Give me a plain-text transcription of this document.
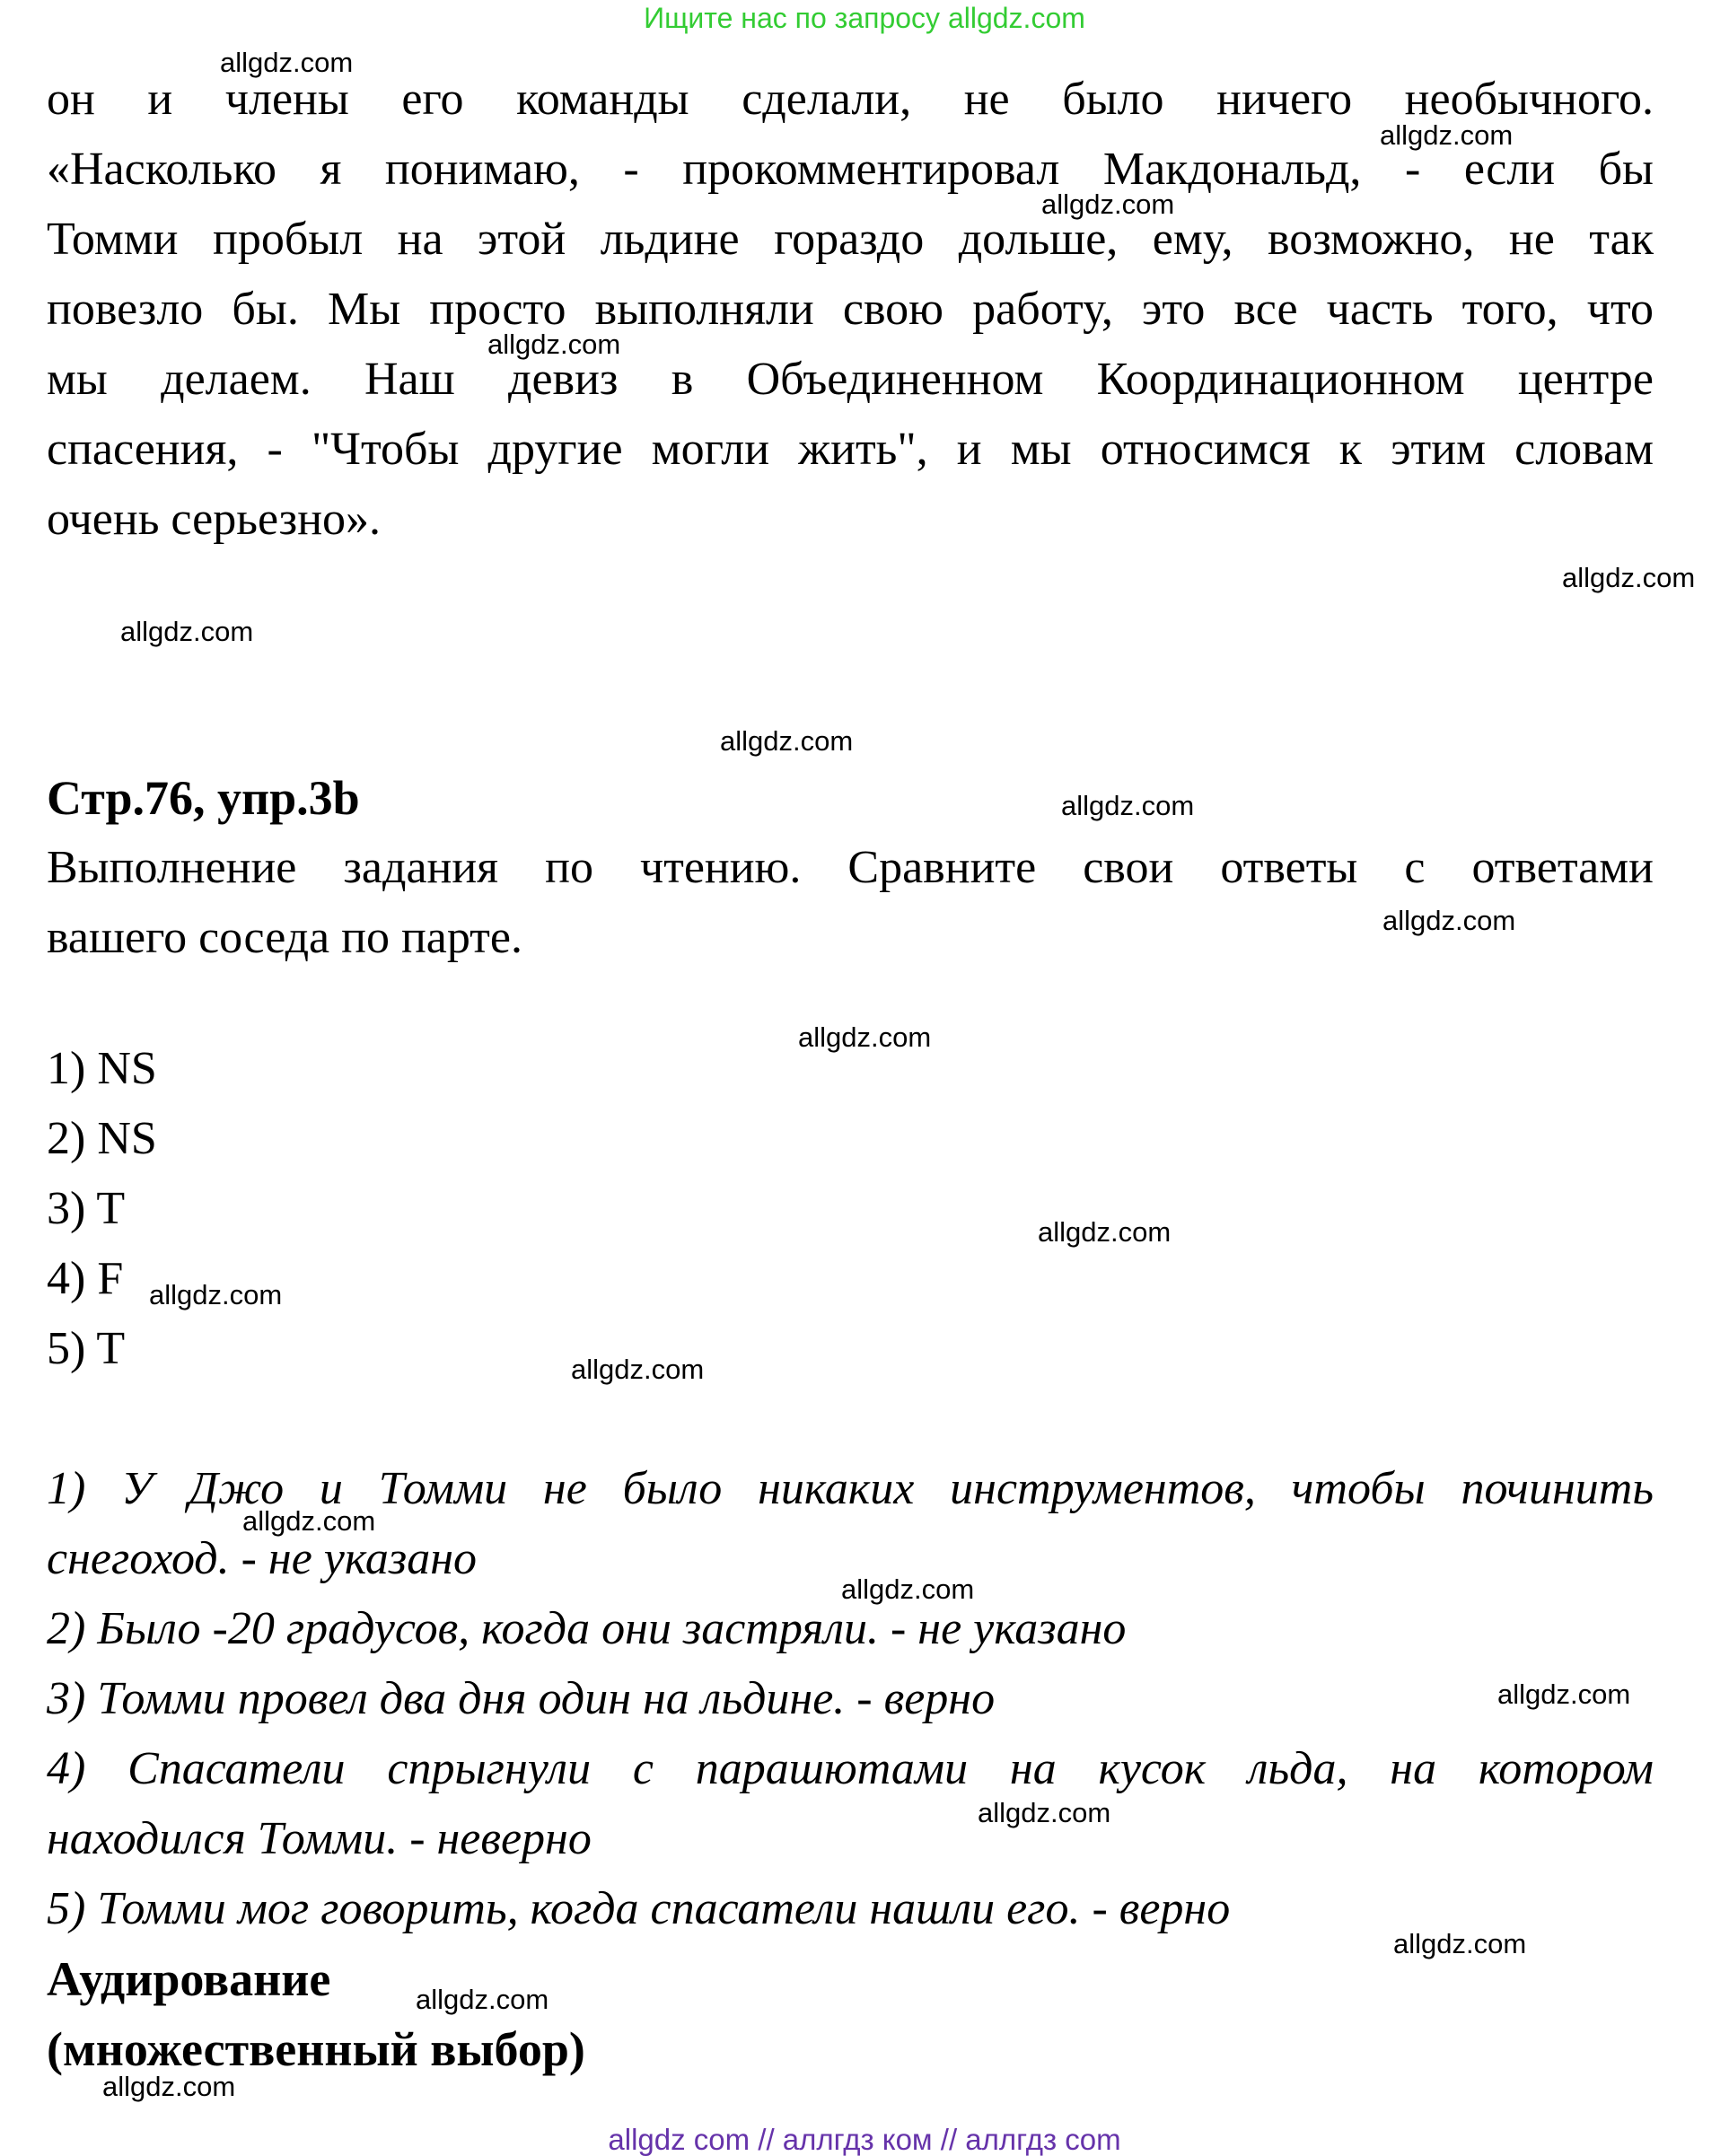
Ищите нас по запросу allgdz.com
он и члены его команды сделали, не было ничего необычного.
«Насколько я понимаю, - прокомментировал Макдональд, - если бы
Томми пробыл на этой льдине гораздо дольше, ему, возможно, не так
повезло бы. Мы просто выполняли свою работу, это все часть того, что
мы делаем. Наш девиз в Объединенном Координационном центре
спасения, - "Чтобы другие могли жить", и мы относимся к этим словам
очень серьезно».
Стр.76, упр.3b
Выполнение задания по чтению. Сравните свои ответы с ответами
вашего соседа по парте.
1) NS
2) NS
3) T
4) F
5) T
1) У Джо и Томми не было никаких инструментов, чтобы починить
снегоход. - не указано
2) Было -20 градусов, когда они застряли. - не указано
3) Томми провел два дня один на льдине. - верно
4) Спасатели спрыгнули с парашютами на кусок льда, на котором
находился Томми. - неверно
5) Томми мог говорить, когда спасатели нашли его. - верно
Аудирование
(множественный выбор)
allgdz.com
allgdz.com
allgdz.com
allgdz.com
allgdz.com
allgdz.com
allgdz.com
allgdz.com
allgdz.com
allgdz.com
allgdz.com
allgdz.com
allgdz.com
allgdz.com
allgdz.com
allgdz.com
allgdz.com
allgdz.com
allgdz.com
allgdz.com
allgdz com // аллгдз ком // аллгдз com
